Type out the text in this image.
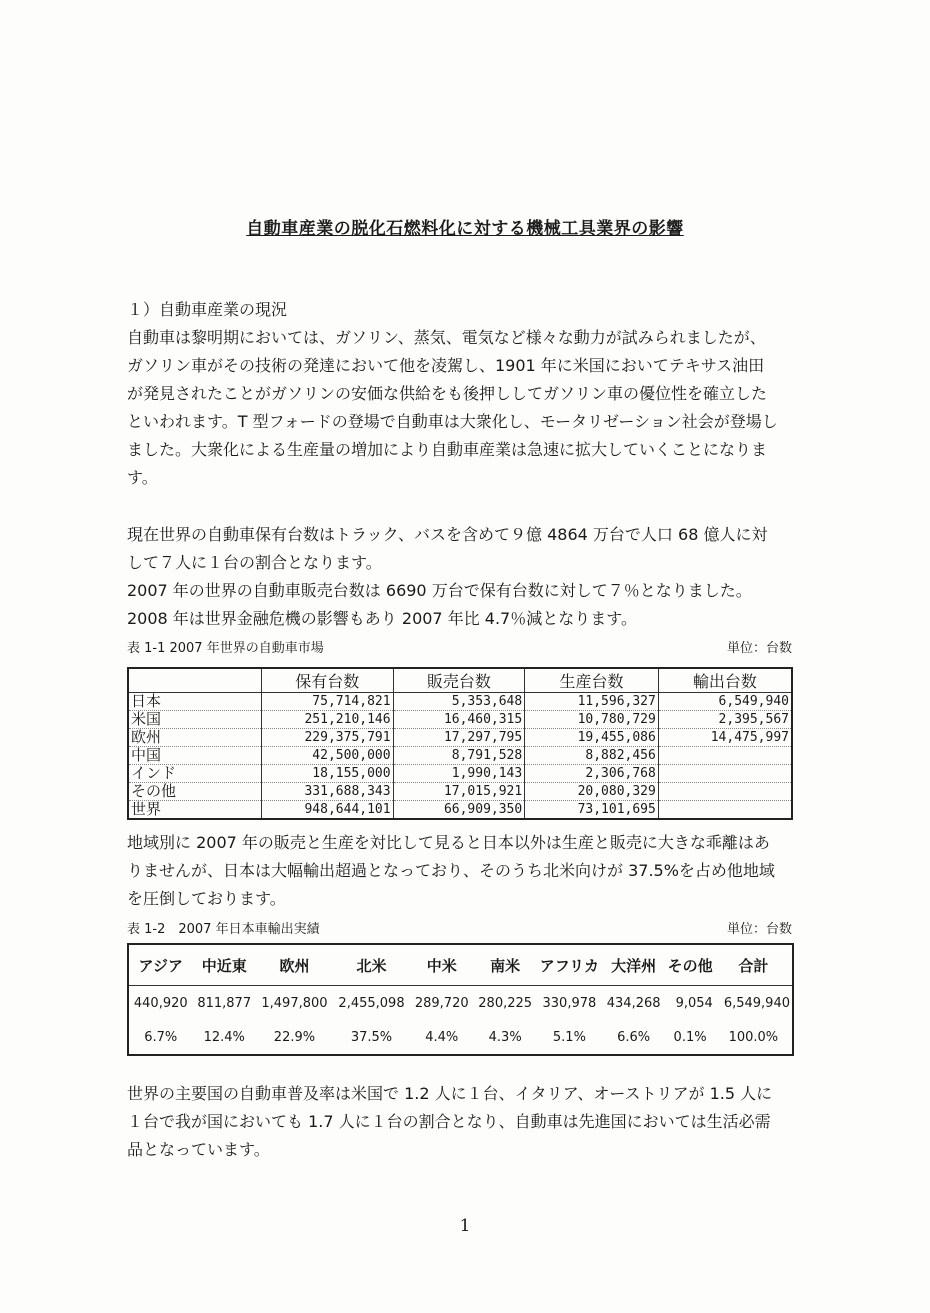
自動車産業の脱化石燃料化に対する機械工具業界の影響
１）自動車産業の現況
自動車は黎明期においては、ガソリン、蒸気、電気など様々な動力が試みられましたが、
ガソリン車がその技術の発達において他を凌駕し、1901 年に米国においてテキサス油田
が発見されたことがガソリンの安価な供給をも後押ししてガソリン車の優位性を確立した
といわれます。T 型フォードの登場で自動車は大衆化し、モータリゼーション社会が登場し
ました。大衆化による生産量の増加により自動車産業は急速に拡大していくことになりま
す。
現在世界の自動車保有台数はトラック、バスを含めて９億 4864 万台で人口 68 億人に対
して７人に１台の割合となります。
2007 年の世界の自動車販売台数は 6690 万台で保有台数に対して７％となりました。
2008 年は世界金融危機の影響もあり 2007 年比 4.7％減となります。
表 1-1 2007 年世界の自動車市場	単位：台数
	保有台数	販売台数	生産台数	輸出台数
日本	75,714,821	5,353,648	11,596,327	6,549,940
米国	251,210,146	16,460,315	10,780,729	2,395,567
欧州	229,375,791	17,297,795	19,455,086	14,475,997
中国	42,500,000	8,791,528	8,882,456	
インド	18,155,000	1,990,143	2,306,768	
その他	331,688,343	17,015,921	20,080,329	
世界	948,644,101	66,909,350	73,101,695	
地域別に 2007 年の販売と生産を対比して見ると日本以外は生産と販売に大きな乖離はあ
りませんが、日本は大幅輸出超過となっており、そのうち北米向けが 37.5%を占め他地域
を圧倒しております。
表 1-2　2007 年日本車輸出実績	単位：台数
アジア	中近東	欧州	北米	中米	南米	アフリカ	大洋州	その他	合計
440,920	811,877	1,497,800	2,455,098	289,720	280,225	330,978	434,268	9,054	6,549,940
6.7%	12.4%	22.9%	37.5%	4.4%	4.3%	5.1%	6.6%	0.1%	100.0%
世界の主要国の自動車普及率は米国で 1.2 人に１台、イタリア、オーストリアが 1.5 人に
１台で我が国においても 1.7 人に１台の割合となり、自動車は先進国においては生活必需
品となっています。
1
